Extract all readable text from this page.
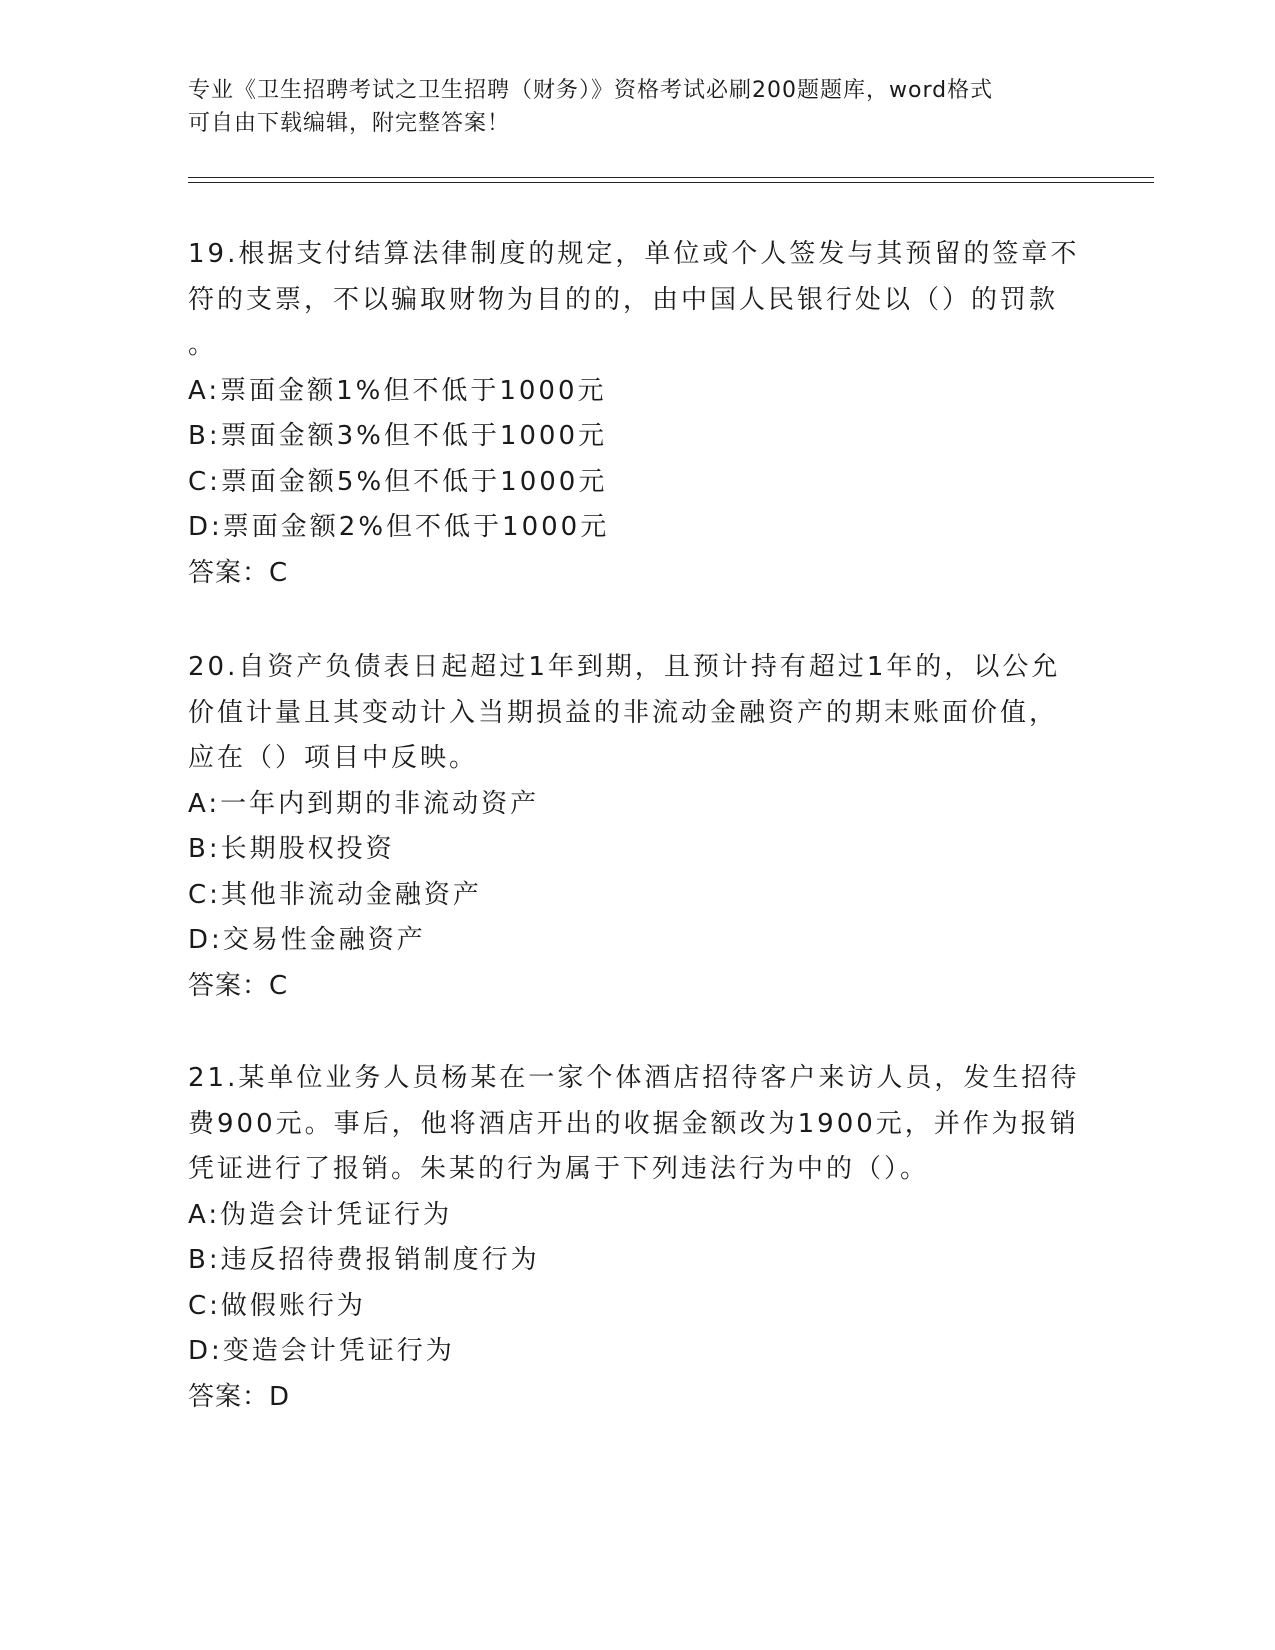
专业《卫生招聘考试之卫生招聘（财务）》资格考试必刷200题题库，word格式
可自由下载编辑，附完整答案！

19.根据支付结算法律制度的规定，单位或个人签发与其预留的签章不

符的支票，不以骗取财物为目的的，由中国人民银行处以（）的罚款

。

A:票面金额1%但不低于1000元

B:票面金额3%但不低于1000元

C:票面金额5%但不低于1000元

D:票面金额2%但不低于1000元

答案：C

20.自资产负债表日起超过1年到期，且预计持有超过1年的，以公允

价值计量且其变动计入当期损益的非流动金融资产的期末账面价值，

应在（）项目中反映。

A:一年内到期的非流动资产

B:长期股权投资

C:其他非流动金融资产

D:交易性金融资产

答案：C

21.某单位业务人员杨某在一家个体酒店招待客户来访人员，发生招待

费900元。事后，他将酒店开出的收据金额改为1900元，并作为报销

凭证进行了报销。朱某的行为属于下列违法行为中的（）。

A:伪造会计凭证行为

B:违反招待费报销制度行为

C:做假账行为

D:变造会计凭证行为

答案：D
